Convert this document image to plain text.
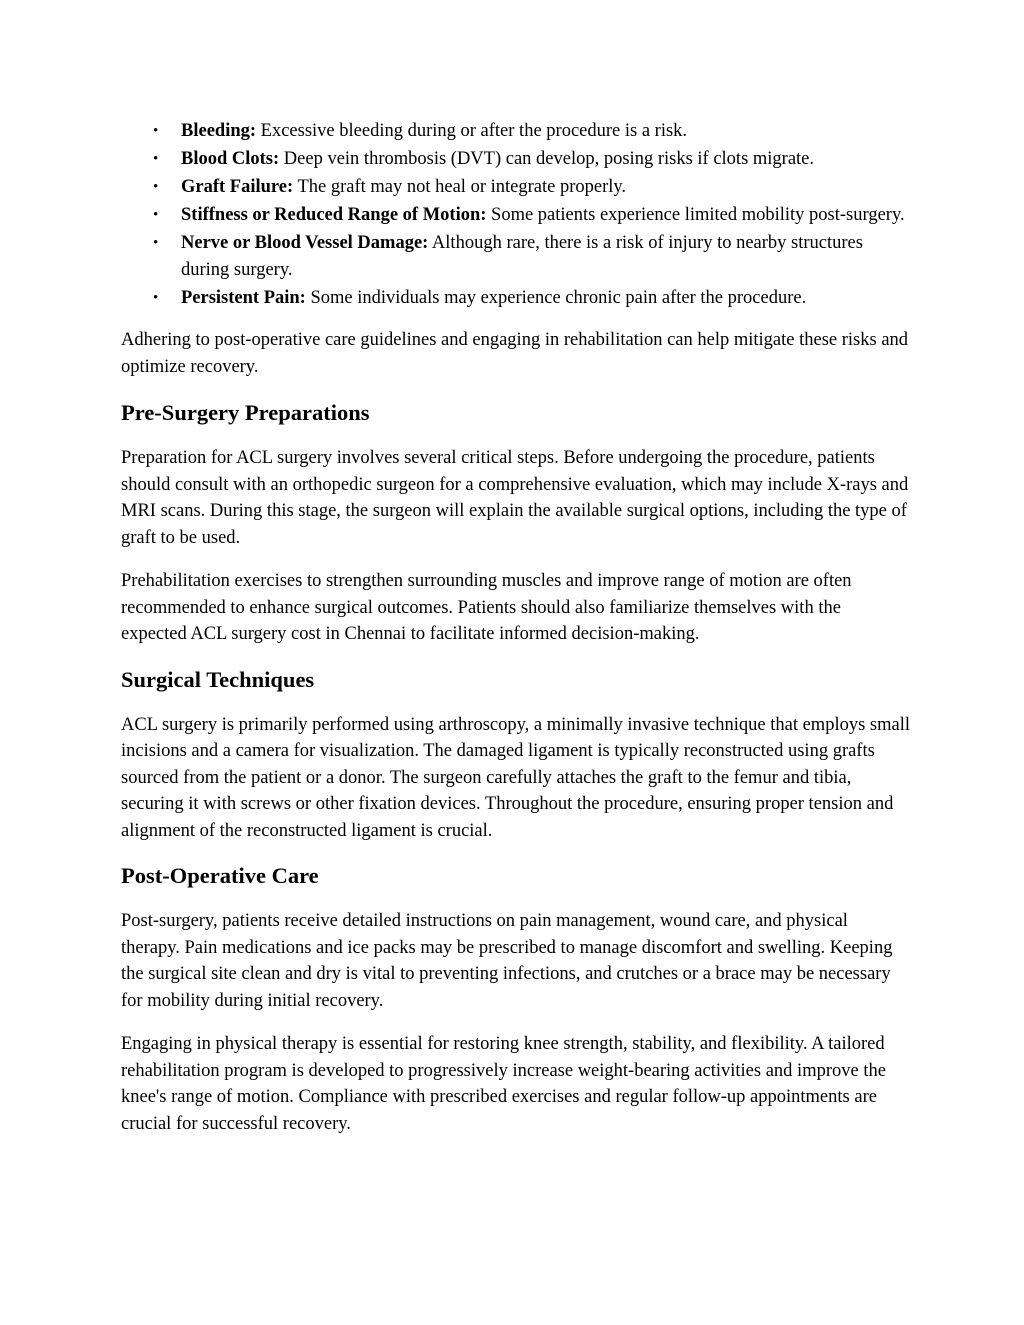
• Bleeding: Excessive bleeding during or after the procedure is a risk.
• Blood Clots: Deep vein thrombosis (DVT) can develop, posing risks if clots migrate.
• Graft Failure: The graft may not heal or integrate properly.
• Stiffness or Reduced Range of Motion: Some patients experience limited mobility post-surgery.
• Nerve or Blood Vessel Damage: Although rare, there is a risk of injury to nearby structures during surgery.
• Persistent Pain: Some individuals may experience chronic pain after the procedure.

Adhering to post-operative care guidelines and engaging in rehabilitation can help mitigate these risks and optimize recovery.

Pre-Surgery Preparations

Preparation for ACL surgery involves several critical steps. Before undergoing the procedure, patients should consult with an orthopedic surgeon for a comprehensive evaluation, which may include X-rays and MRI scans. During this stage, the surgeon will explain the available surgical options, including the type of graft to be used.

Prehabilitation exercises to strengthen surrounding muscles and improve range of motion are often recommended to enhance surgical outcomes. Patients should also familiarize themselves with the expected ACL surgery cost in Chennai to facilitate informed decision-making.

Surgical Techniques

ACL surgery is primarily performed using arthroscopy, a minimally invasive technique that employs small incisions and a camera for visualization. The damaged ligament is typically reconstructed using grafts sourced from the patient or a donor. The surgeon carefully attaches the graft to the femur and tibia, securing it with screws or other fixation devices. Throughout the procedure, ensuring proper tension and alignment of the reconstructed ligament is crucial.

Post-Operative Care

Post-surgery, patients receive detailed instructions on pain management, wound care, and physical therapy. Pain medications and ice packs may be prescribed to manage discomfort and swelling. Keeping the surgical site clean and dry is vital to preventing infections, and crutches or a brace may be necessary for mobility during initial recovery.

Engaging in physical therapy is essential for restoring knee strength, stability, and flexibility. A tailored rehabilitation program is developed to progressively increase weight-bearing activities and improve the knee's range of motion. Compliance with prescribed exercises and regular follow-up appointments are crucial for successful recovery.
